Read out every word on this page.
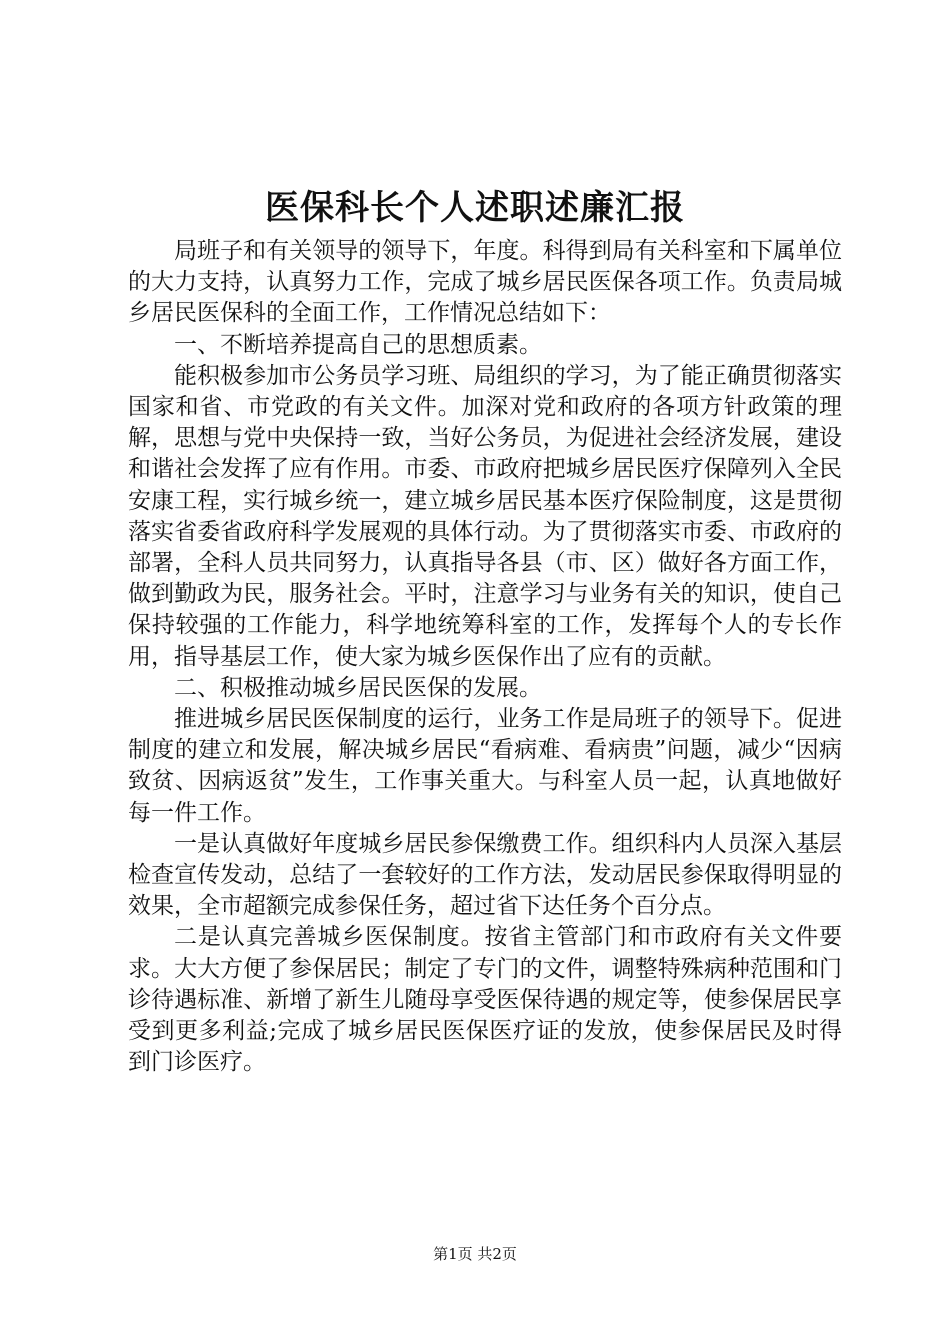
医保科长个人述职述廉汇报

局班子和有关领导的领导下，年度。科得到局有关科室和下属单位的大力支持，认真努力工作，完成了城乡居民医保各项工作。负责局城乡居民医保科的全面工作，工作情况总结如下：

一、不断培养提高自己的思想质素。

能积极参加市公务员学习班、局组织的学习，为了能正确贯彻落实国家和省、市党政的有关文件。加深对党和政府的各项方针政策的理解，思想与党中央保持一致，当好公务员，为促进社会经济发展，建设和谐社会发挥了应有作用。市委、市政府把城乡居民医疗保障列入全民安康工程，实行城乡统一，建立城乡居民基本医疗保险制度，这是贯彻落实省委省政府科学发展观的具体行动。为了贯彻落实市委、市政府的部署，全科人员共同努力，认真指导各县（市、区）做好各方面工作，做到勤政为民，服务社会。平时，注意学习与业务有关的知识，使自己保持较强的工作能力，科学地统筹科室的工作，发挥每个人的专长作用，指导基层工作，使大家为城乡医保作出了应有的贡献。

二、积极推动城乡居民医保的发展。

推进城乡居民医保制度的运行，业务工作是局班子的领导下。促进制度的建立和发展，解决城乡居民“看病难、看病贵”问题，减少“因病致贫、因病返贫”发生，工作事关重大。与科室人员一起，认真地做好每一件工作。

一是认真做好年度城乡居民参保缴费工作。组织科内人员深入基层检查宣传发动，总结了一套较好的工作方法，发动居民参保取得明显的效果，全市超额完成参保任务，超过省下达任务个百分点。

二是认真完善城乡医保制度。按省主管部门和市政府有关文件要求。大大方便了参保居民；制定了专门的文件，调整特殊病种范围和门诊待遇标准、新增了新生儿随母享受医保待遇的规定等，使参保居民享受到更多利益;完成了城乡居民医保医疗证的发放，使参保居民及时得到门诊医疗。

第1页 共2页
